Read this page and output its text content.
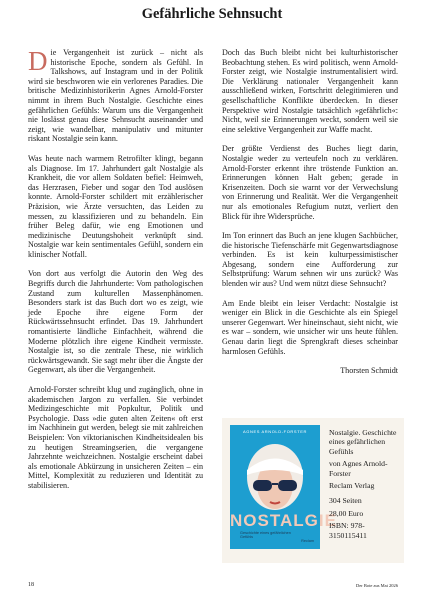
Gefährliche Sehnsucht

Die Vergangenheit ist zurück – nicht als historische Epoche, sondern als Gefühl. In Talkshows, auf Instagram und in der Politik wird sie beschworen wie ein verlorenes Paradies. Die britische Medizinhistorikerin Agnes Arnold-Forster nimmt in ihrem Buch Nostalgie. Geschichte eines gefährlichen Gefühls: Warum uns die Vergangenheit nie loslässt genau diese Sehnsucht auseinander und zeigt, wie wandelbar, manipulativ und mitunter riskant Nostalgie sein kann.

Was heute nach warmem Retrofilter klingt, begann als Diagnose. Im 17. Jahrhundert galt Nostalgie als Krankheit, die vor allem Soldaten befiel: Heimweh, das Herzrasen, Fieber und sogar den Tod auslösen konnte. Arnold-Forster schildert mit erzählerischer Präzision, wie Ärzte versuchten, das Leiden zu messen, zu klassifizieren und zu behandeln. Ein früher Beleg dafür, wie eng Emotionen und medizinische Deutungshoheit verknüpft sind. Nostalgie war kein sentimentales Gefühl, sondern ein klinischer Notfall.

Von dort aus verfolgt die Autorin den Weg des Begriffs durch die Jahrhunderte: Vom pathologischen Zustand zum kulturellen Massenphänomen. Besonders stark ist das Buch dort wo es zeigt, wie jede Epoche ihre eigene Form der Rückwärtssehnsucht erfindet. Das 19. Jahrhundert romantisierte ländliche Einfachheit, während die Moderne plötzlich ihre eigene Kindheit vermisste. Nostalgie ist, so die zentrale These, nie wirklich rückwärtsgewandt. Sie sagt mehr über die Ängste der Gegenwart, als über die Vergangenheit.

Arnold-Forster schreibt klug und zugänglich, ohne in akademischen Jargon zu verfallen. Sie verbindet Medizingeschichte mit Popkultur, Politik und Psychologie. Dass »die guten alten Zeiten« oft erst im Nachhinein gut werden, belegt sie mit zahlreichen Beispielen: Von viktorianischen Kindheitsidealen bis zu heutigen Streamingserien, die vergangene Jahrzehnte weichzeichnen. Nostalgie erscheint dabei als emotionale Abkürzung in unsicheren Zeiten – ein Mittel, Komplexität zu reduzieren und Identität zu stabilisieren.

Doch das Buch bleibt nicht bei kulturhistorischer Beobachtung stehen. Es wird politisch, wenn Arnold-Forster zeigt, wie Nostalgie instrumentalisiert wird. Die Verklärung nationaler Vergangenheit kann ausschließend wirken, Fortschritt delegitimieren und gesellschaftliche Konflikte überdecken. In dieser Perspektive wird Nostalgie tatsächlich »gefährlich«: Nicht, weil sie Erinnerungen weckt, sondern weil sie eine selektive Vergangenheit zur Waffe macht.

Der größte Verdienst des Buches liegt darin, Nostalgie weder zu verteufeln noch zu verklären. Arnold-Forster erkennt ihre tröstende Funktion an. Erinnerungen können Halt geben; gerade in Krisenzeiten. Doch sie warnt vor der Verwechslung von Erinnerung und Realität. Wer die Vergangenheit nur als emotionales Refugium nutzt, verliert den Blick für ihre Widersprüche.

Im Ton erinnert das Buch an jene klugen Sachbücher, die historische Tiefenschärfe mit Gegenwartsdiagnose verbinden. Es ist kein kulturpessimistischer Abgesang, sondern eine Aufforderung zur Selbstprüfung: Warum sehnen wir uns zurück? Was blenden wir aus? Und wem nützt diese Sehnsucht?

Am Ende bleibt ein leiser Verdacht: Nostalgie ist weniger ein Blick in die Geschichte als ein Spiegel unserer Gegenwart. Wer hineinschaut, sieht nicht, wie es war – sondern, wie unsicher wir uns heute fühlen. Genau darin liegt die Sprengkraft dieses scheinbar harmlosen Gefühls.

Thorsten Schmidt

AGNES ARNOLD-FORSTER
NOSTALGIE
Geschichte eines gefährlichen Gefühls
Reclam
Nostalgie. Geschichte eines gefährlichen Gefühls
von Agnes Arnold-Forster
Reclam Verlag
304 Seiten
28,00 Euro
ISBN: 978-3150115411
18	Der Bote aus Mai 2026
